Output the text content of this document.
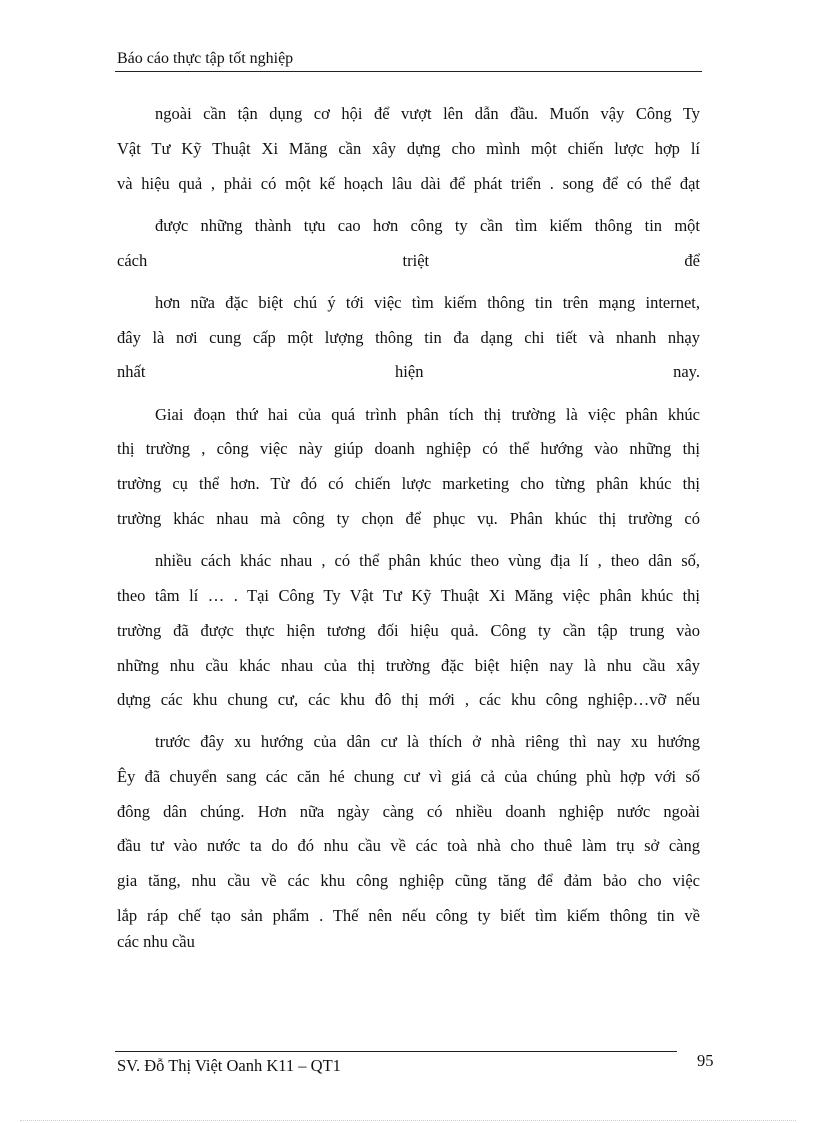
Báo cáo thực tập tốt nghiệp
ngoài cần tận dụng cơ hội để vượt lên dẫn đầu. Muốn vậy Công Ty
Vật Tư Kỹ Thuật Xi Măng cần xây dựng cho mình một chiến lược hợp lí
và hiệu quả , phải có một kế hoạch lâu dài để phát triển . song để có thể đạt
được những thành tựu cao hơn công ty cần tìm kiếm thông tin một
cách triệt để
hơn nữa đặc biệt chú ý tới việc tìm kiếm thông tin trên mạng internet,
đây là nơi cung cấp một lượng thông tin đa dạng chi tiết và nhanh nhạy
nhất hiện nay.
Giai đoạn thứ hai của quá trình phân tích thị trường là việc phân khúc
thị trường , công việc này giúp doanh nghiệp có thể hướng vào những thị
trường cụ thể hơn. Từ đó có chiến lược marketing cho từng phân khúc thị
trường khác nhau mà công ty chọn để phục vụ. Phân khúc thị trường có
nhiều cách khác nhau , có thể phân khúc theo vùng địa lí , theo dân số,
theo tâm lí … . Tại Công Ty Vật Tư Kỹ Thuật Xi Măng việc phân khúc thị
trường đã được thực hiện tương đối hiệu quả. Công ty cần tập trung vào
những nhu cầu khác nhau của thị trường đặc biệt hiện nay là nhu cầu xây
dựng các khu chung cư, các khu đô thị mới , các khu công nghiệp…vỡ nếu
trước đây xu hướng của dân cư là thích ở nhà riêng thì nay xu hướng
Êy đã chuyển sang các căn hé chung cư vì giá cả của chúng phù hợp với số
đông dân chúng. Hơn nữa ngày càng có nhiều doanh nghiệp nước ngoài
đầu tư vào nước ta do đó nhu cầu về các toà nhà cho thuê làm trụ sở càng
gia tăng, nhu cầu về các khu công nghiệp cũng tăng để đảm bảo cho việc
lắp ráp chế tạo sản phẩm . Thế nên nếu công ty biết tìm kiếm thông tin về
các nhu cầu
SV. Đỗ Thị Việt Oanh K11 – QT1	95
